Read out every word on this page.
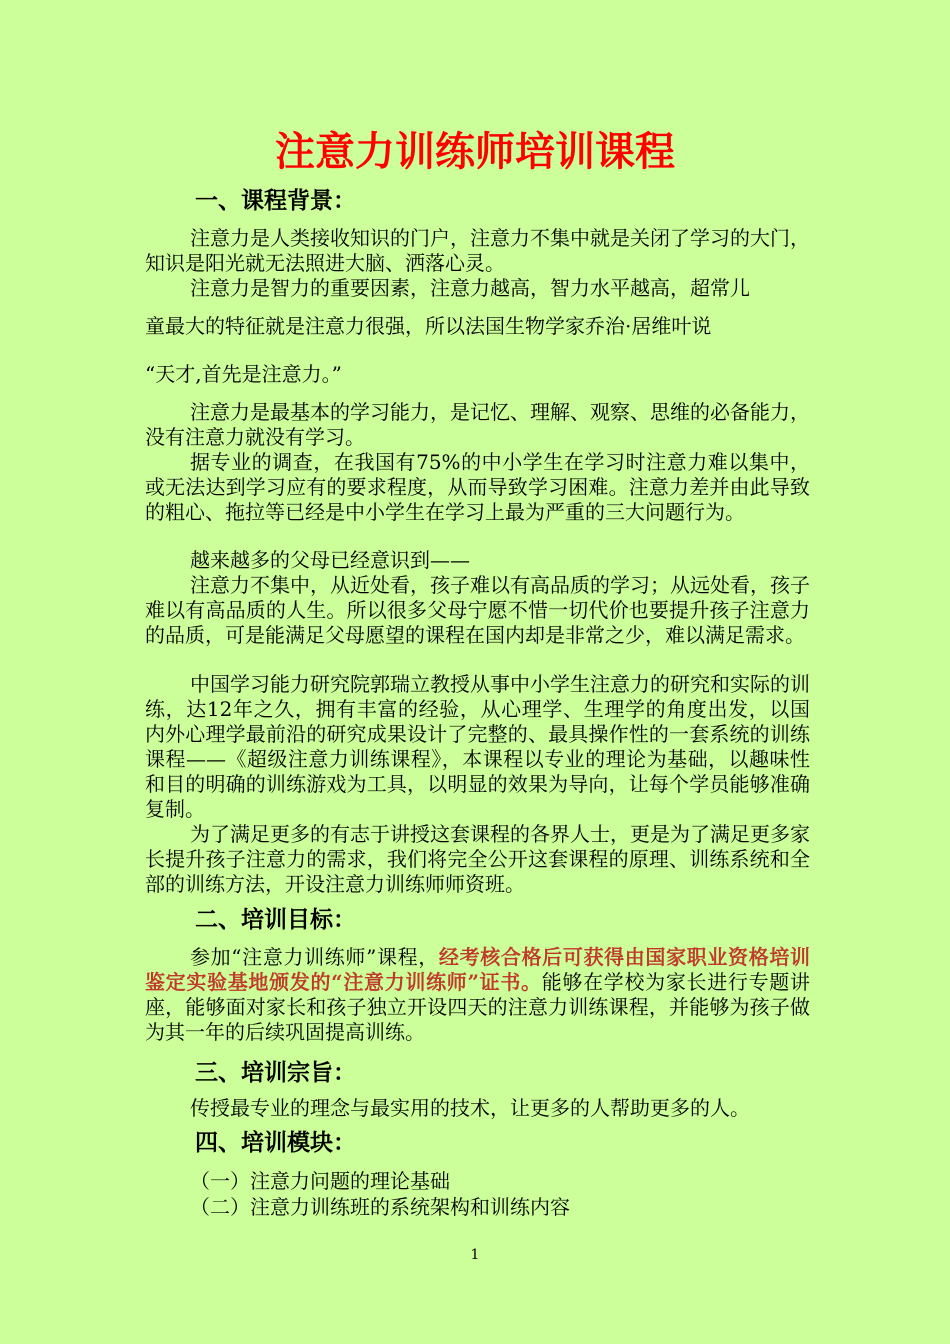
注意力训练师培训课程
一、课程背景：

注意力是人类接收知识的门户，注意力不集中就是关闭了学习的大门，知识是阳光就无法照进大脑、洒落心灵。

注意力是智力的重要因素，注意力越高，智力水平越高，超常儿

童最大的特征就是注意力很强，所以法国生物学家乔治·居维叶说

“天才,首先是注意力。”

注意力是最基本的学习能力，是记忆、理解、观察、思维的必备能力，没有注意力就没有学习。

据专业的调查，在我国有75%的中小学生在学习时注意力难以集中，或无法达到学习应有的要求程度，从而导致学习困难。注意力差并由此导致的粗心、拖拉等已经是中小学生在学习上最为严重的三大问题行为。

越来越多的父母已经意识到——

注意力不集中，从近处看，孩子难以有高品质的学习；从远处看，孩子难以有高品质的人生。所以很多父母宁愿不惜一切代价也要提升孩子注意力的品质，可是能满足父母愿望的课程在国内却是非常之少，难以满足需求。

中国学习能力研究院郭瑞立教授从事中小学生注意力的研究和实际的训练，达12年之久，拥有丰富的经验，从心理学、生理学的角度出发，以国内外心理学最前沿的研究成果设计了完整的、最具操作性的一套系统的训练课程——《超级注意力训练课程》，本课程以专业的理论为基础，以趣味性和目的明确的训练游戏为工具，以明显的效果为导向，让每个学员能够准确复制。

为了满足更多的有志于讲授这套课程的各界人士，更是为了满足更多家长提升孩子注意力的需求，我们将完全公开这套课程的原理、训练系统和全部的训练方法，开设注意力训练师师资班。

二、培训目标：

参加“注意力训练师”课程，经考核合格后可获得由国家职业资格培训鉴定实验基地颁发的“注意力训练师”证书。能够在学校为家长进行专题讲座，能够面对家长和孩子独立开设四天的注意力训练课程，并能够为孩子做为其一年的后续巩固提高训练。

三、培训宗旨：

传授最专业的理念与最实用的技术，让更多的人帮助更多的人。

四、培训模块：

（一）注意力问题的理论基础

（二）注意力训练班的系统架构和训练内容

1
